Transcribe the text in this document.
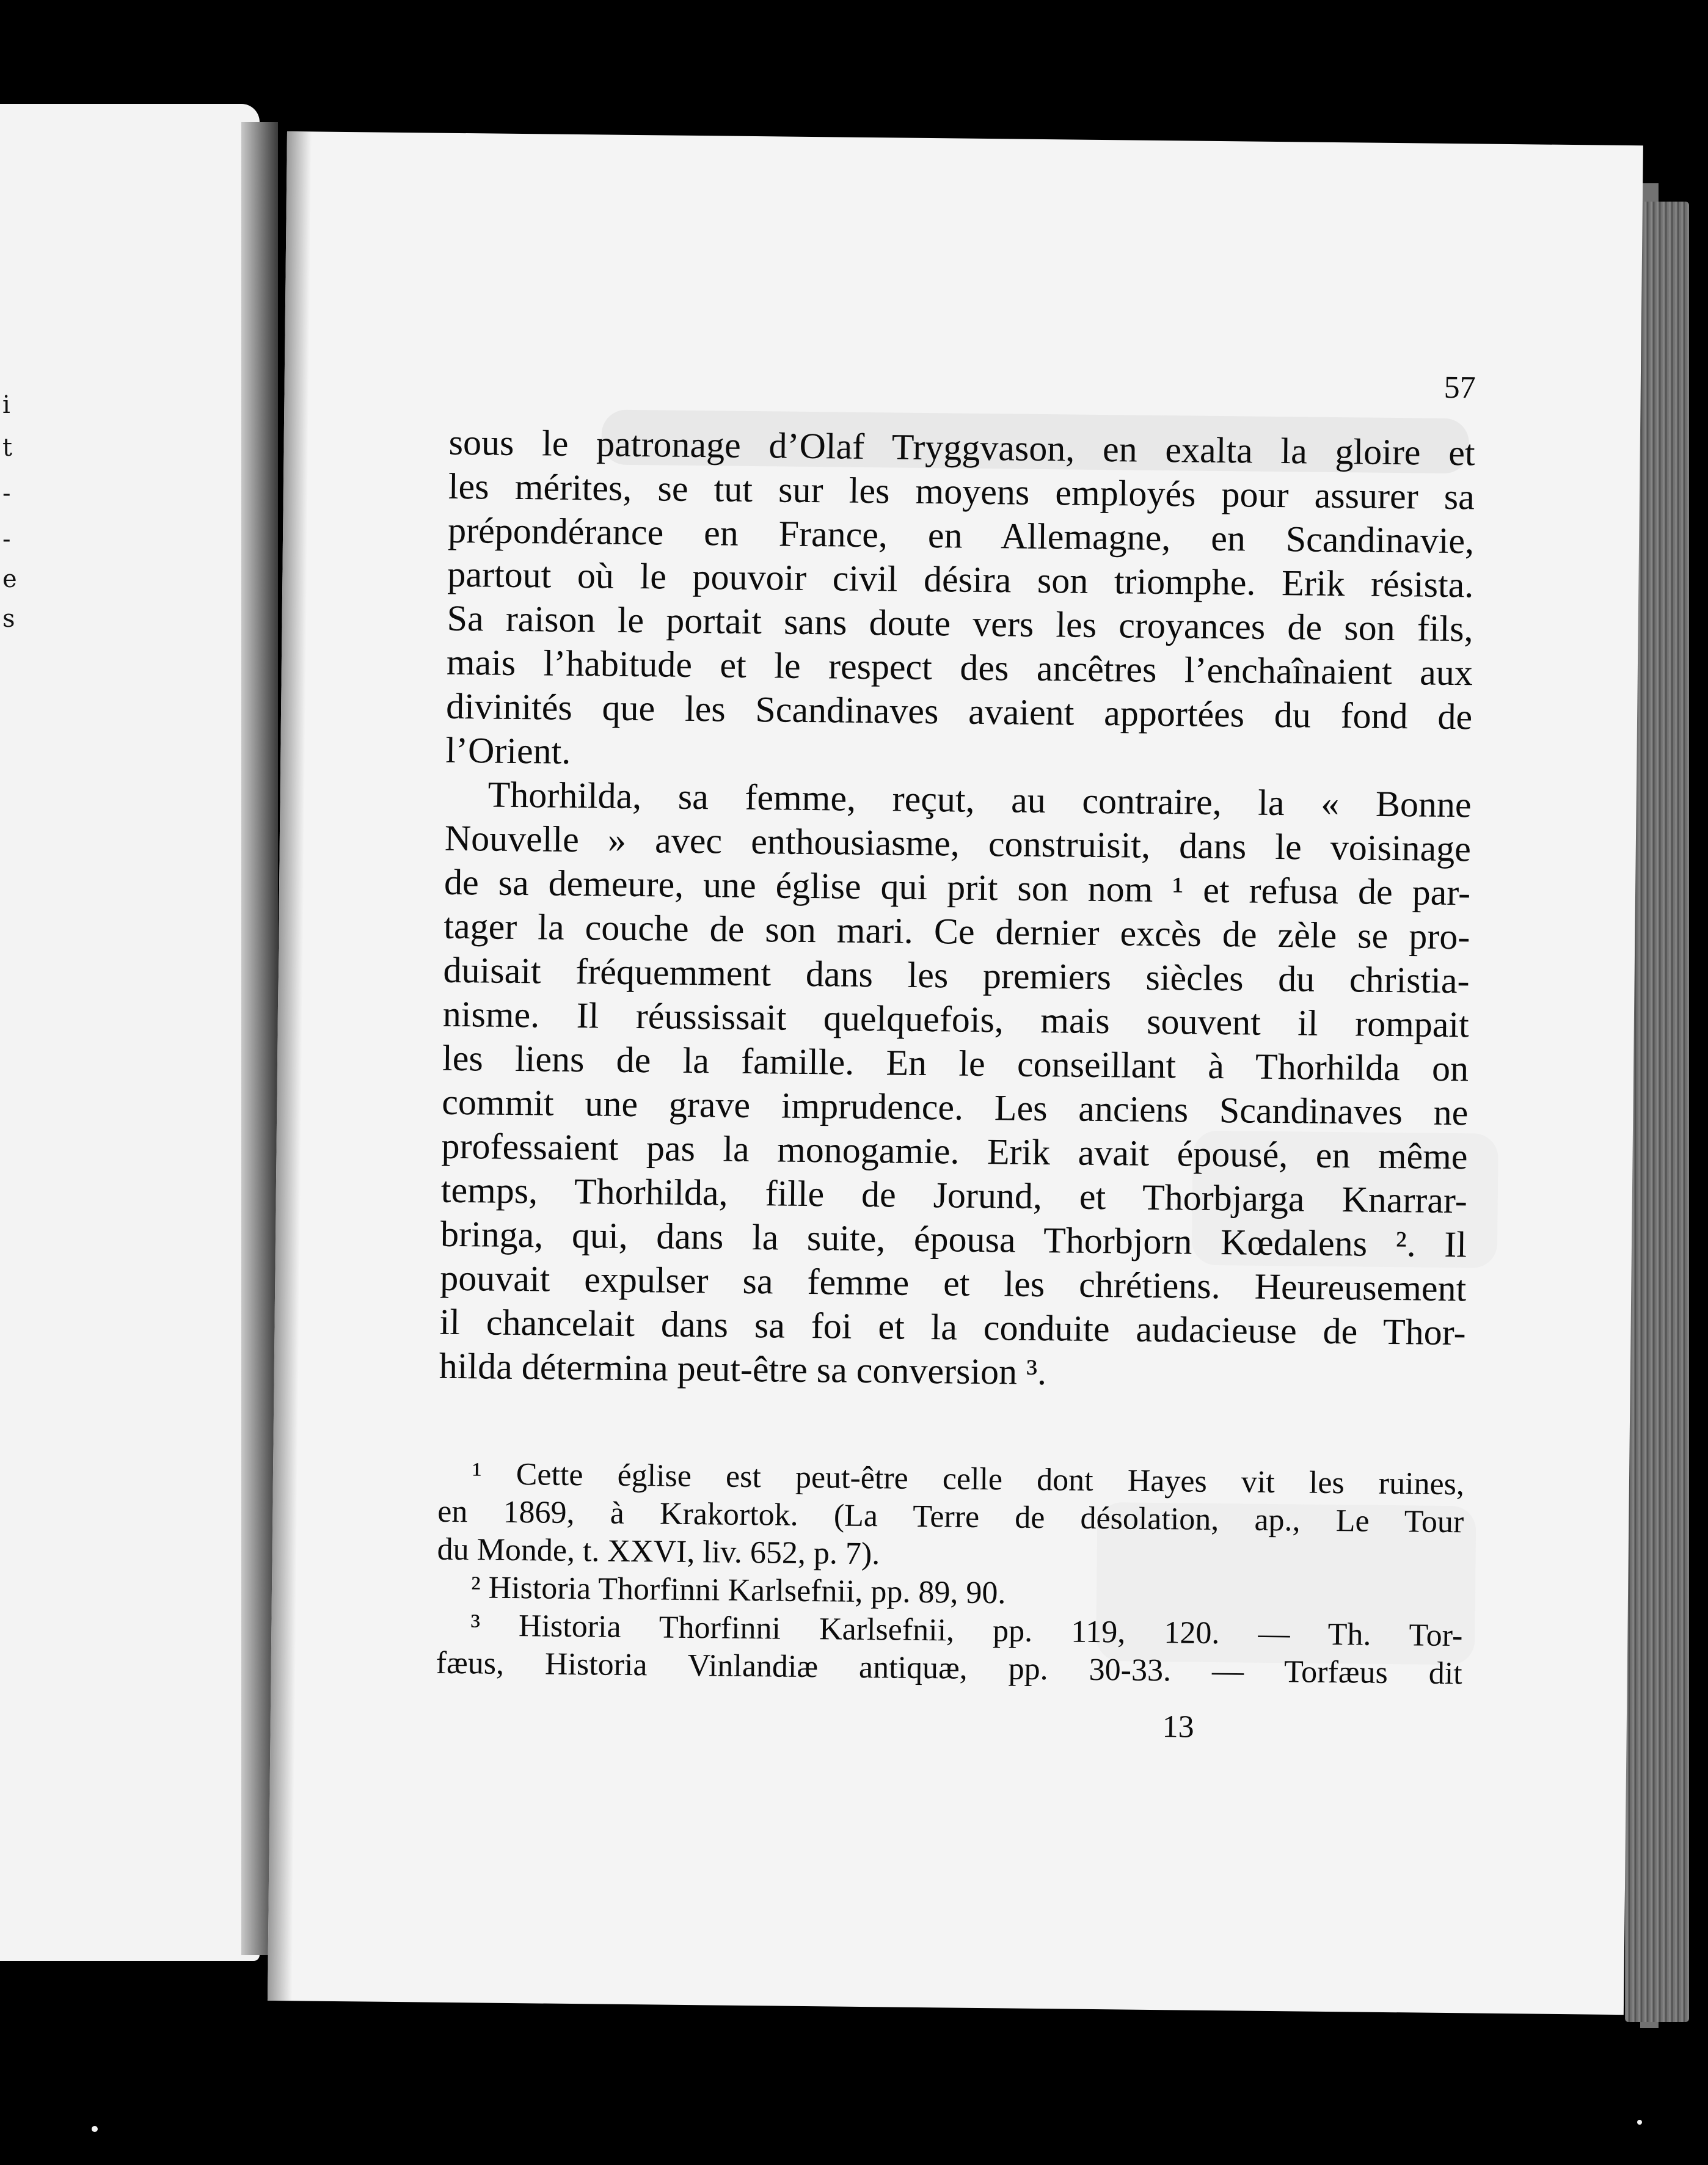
i
t
-
-
e
s
57
sous le patronage d’Olaf Tryggvason, en exalta la gloire et
les mérites, se tut sur les moyens employés pour assurer sa
prépondérance en France, en Allemagne, en Scandinavie,
partout où le pouvoir civil désira son triomphe. Erik résista.
Sa raison le portait sans doute vers les croyances de son fils,
mais l’habitude et le respect des ancêtres l’enchaînaient aux
divinités que les Scandinaves avaient apportées du fond de
l’Orient.
Thorhilda, sa femme, reçut, au contraire, la « Bonne
Nouvelle » avec enthousiasme, construisit, dans le voisinage
de sa demeure, une église qui prit son nom ¹ et refusa de par-
tager la couche de son mari. Ce dernier excès de zèle se pro-
duisait fréquemment dans les premiers siècles du christia-
nisme. Il réussissait quelquefois, mais souvent il rompait
les liens de la famille. En le conseillant à Thorhilda on
commit une grave imprudence. Les anciens Scandinaves ne
professaient pas la monogamie. Erik avait épousé, en même
temps, Thorhilda, fille de Jorund, et Thorbjarga Knarrar-
bringa, qui, dans la suite, épousa Thorbjorn Kœdalens ². Il
pouvait expulser sa femme et les chrétiens. Heureusement
il chancelait dans sa foi et la conduite audacieuse de Thor-
hilda détermina peut-être sa conversion ³.
¹ Cette église est peut-être celle dont Hayes vit les ruines,
en 1869, à Krakortok. (La Terre de désolation, ap., Le Tour
du Monde, t. XXVI, liv. 652, p. 7).
² Historia Thorfinni Karlsefnii, pp. 89, 90.
³ Historia Thorfinni Karlsefnii, pp. 119, 120. — Th. Tor-
fæus, Historia Vinlandiæ antiquæ, pp. 30-33. — Torfæus dit
13
